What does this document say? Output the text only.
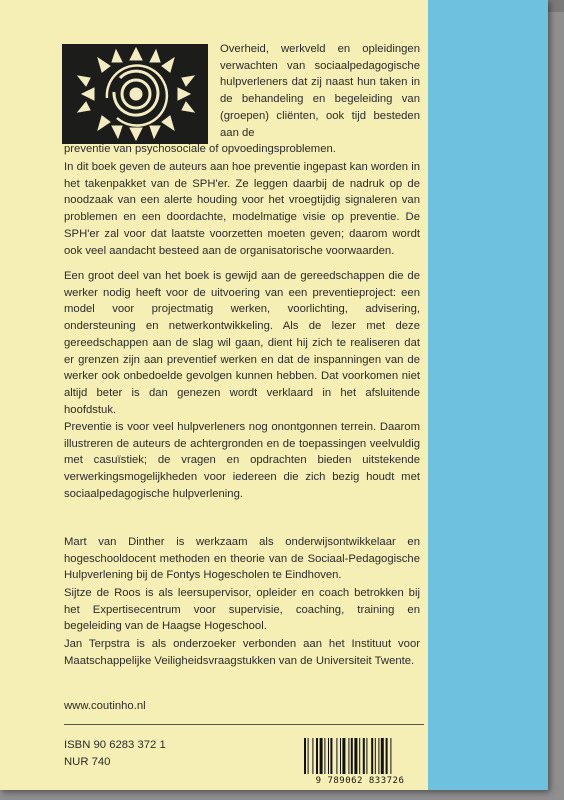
Overheid, werkveld en opleidingen verwachten van sociaalpedagogische hulpverleners dat zij naast hun taken in de behandeling en begeleiding van (groepen) cliënten, ook tijd besteden aan de

preventie van psychosociale of opvoedingsproblemen.

In dit boek geven de auteurs aan hoe preventie ingepast kan worden in het takenpakket van de SPH'er. Ze leggen daarbij de nadruk op de noodzaak van een alerte houding voor het vroegtijdig signaleren van problemen en een doordachte, modelmatige visie op preventie. De SPH'er zal voor dat laatste voorzetten moeten geven; daarom wordt ook veel aandacht besteed aan de organisatorische voorwaarden.

Een groot deel van het boek is gewijd aan de gereedschappen die de werker nodig heeft voor de uitvoering van een preventieproject: een model voor projectmatig werken, voorlichting, advisering, ondersteuning en netwerkontwikkeling. Als de lezer met deze gereedschappen aan de slag wil gaan, dient hij zich te realiseren dat er grenzen zijn aan preventief werken en dat de inspanningen van de werker ook onbedoelde gevolgen kunnen hebben. Dat voorkomen niet altijd beter is dan genezen wordt verklaard in het afsluitende hoofdstuk.

Preventie is voor veel hulpverleners nog onontgonnen terrein. Daarom illustreren de auteurs de achtergronden en de toepassingen veelvuldig met casuïstiek; de vragen en opdrachten bieden uitstekende verwerkingsmogelijkheden voor iedereen die zich bezig houdt met sociaalpedagogische hulpverlening.

Mart van Dinther is werkzaam als onderwijsontwikkelaar en hogeschooldocent methoden en theorie van de Sociaal-Pedagogische Hulpverlening bij de Fontys Hogescholen te Eindhoven.

Sijtze de Roos is als leersupervisor, opleider en coach betrokken bij het Expertisecentrum voor supervisie, coaching, training en begeleiding van de Haagse Hogeschool.

Jan Terpstra is als onderzoeker verbonden aan het Instituut voor Maatschappelijke Veiligheidsvraagstukken van de Universiteit Twente.

www.coutinho.nl

ISBN 90 6283 372 1

NUR 740

9 789062 833726
